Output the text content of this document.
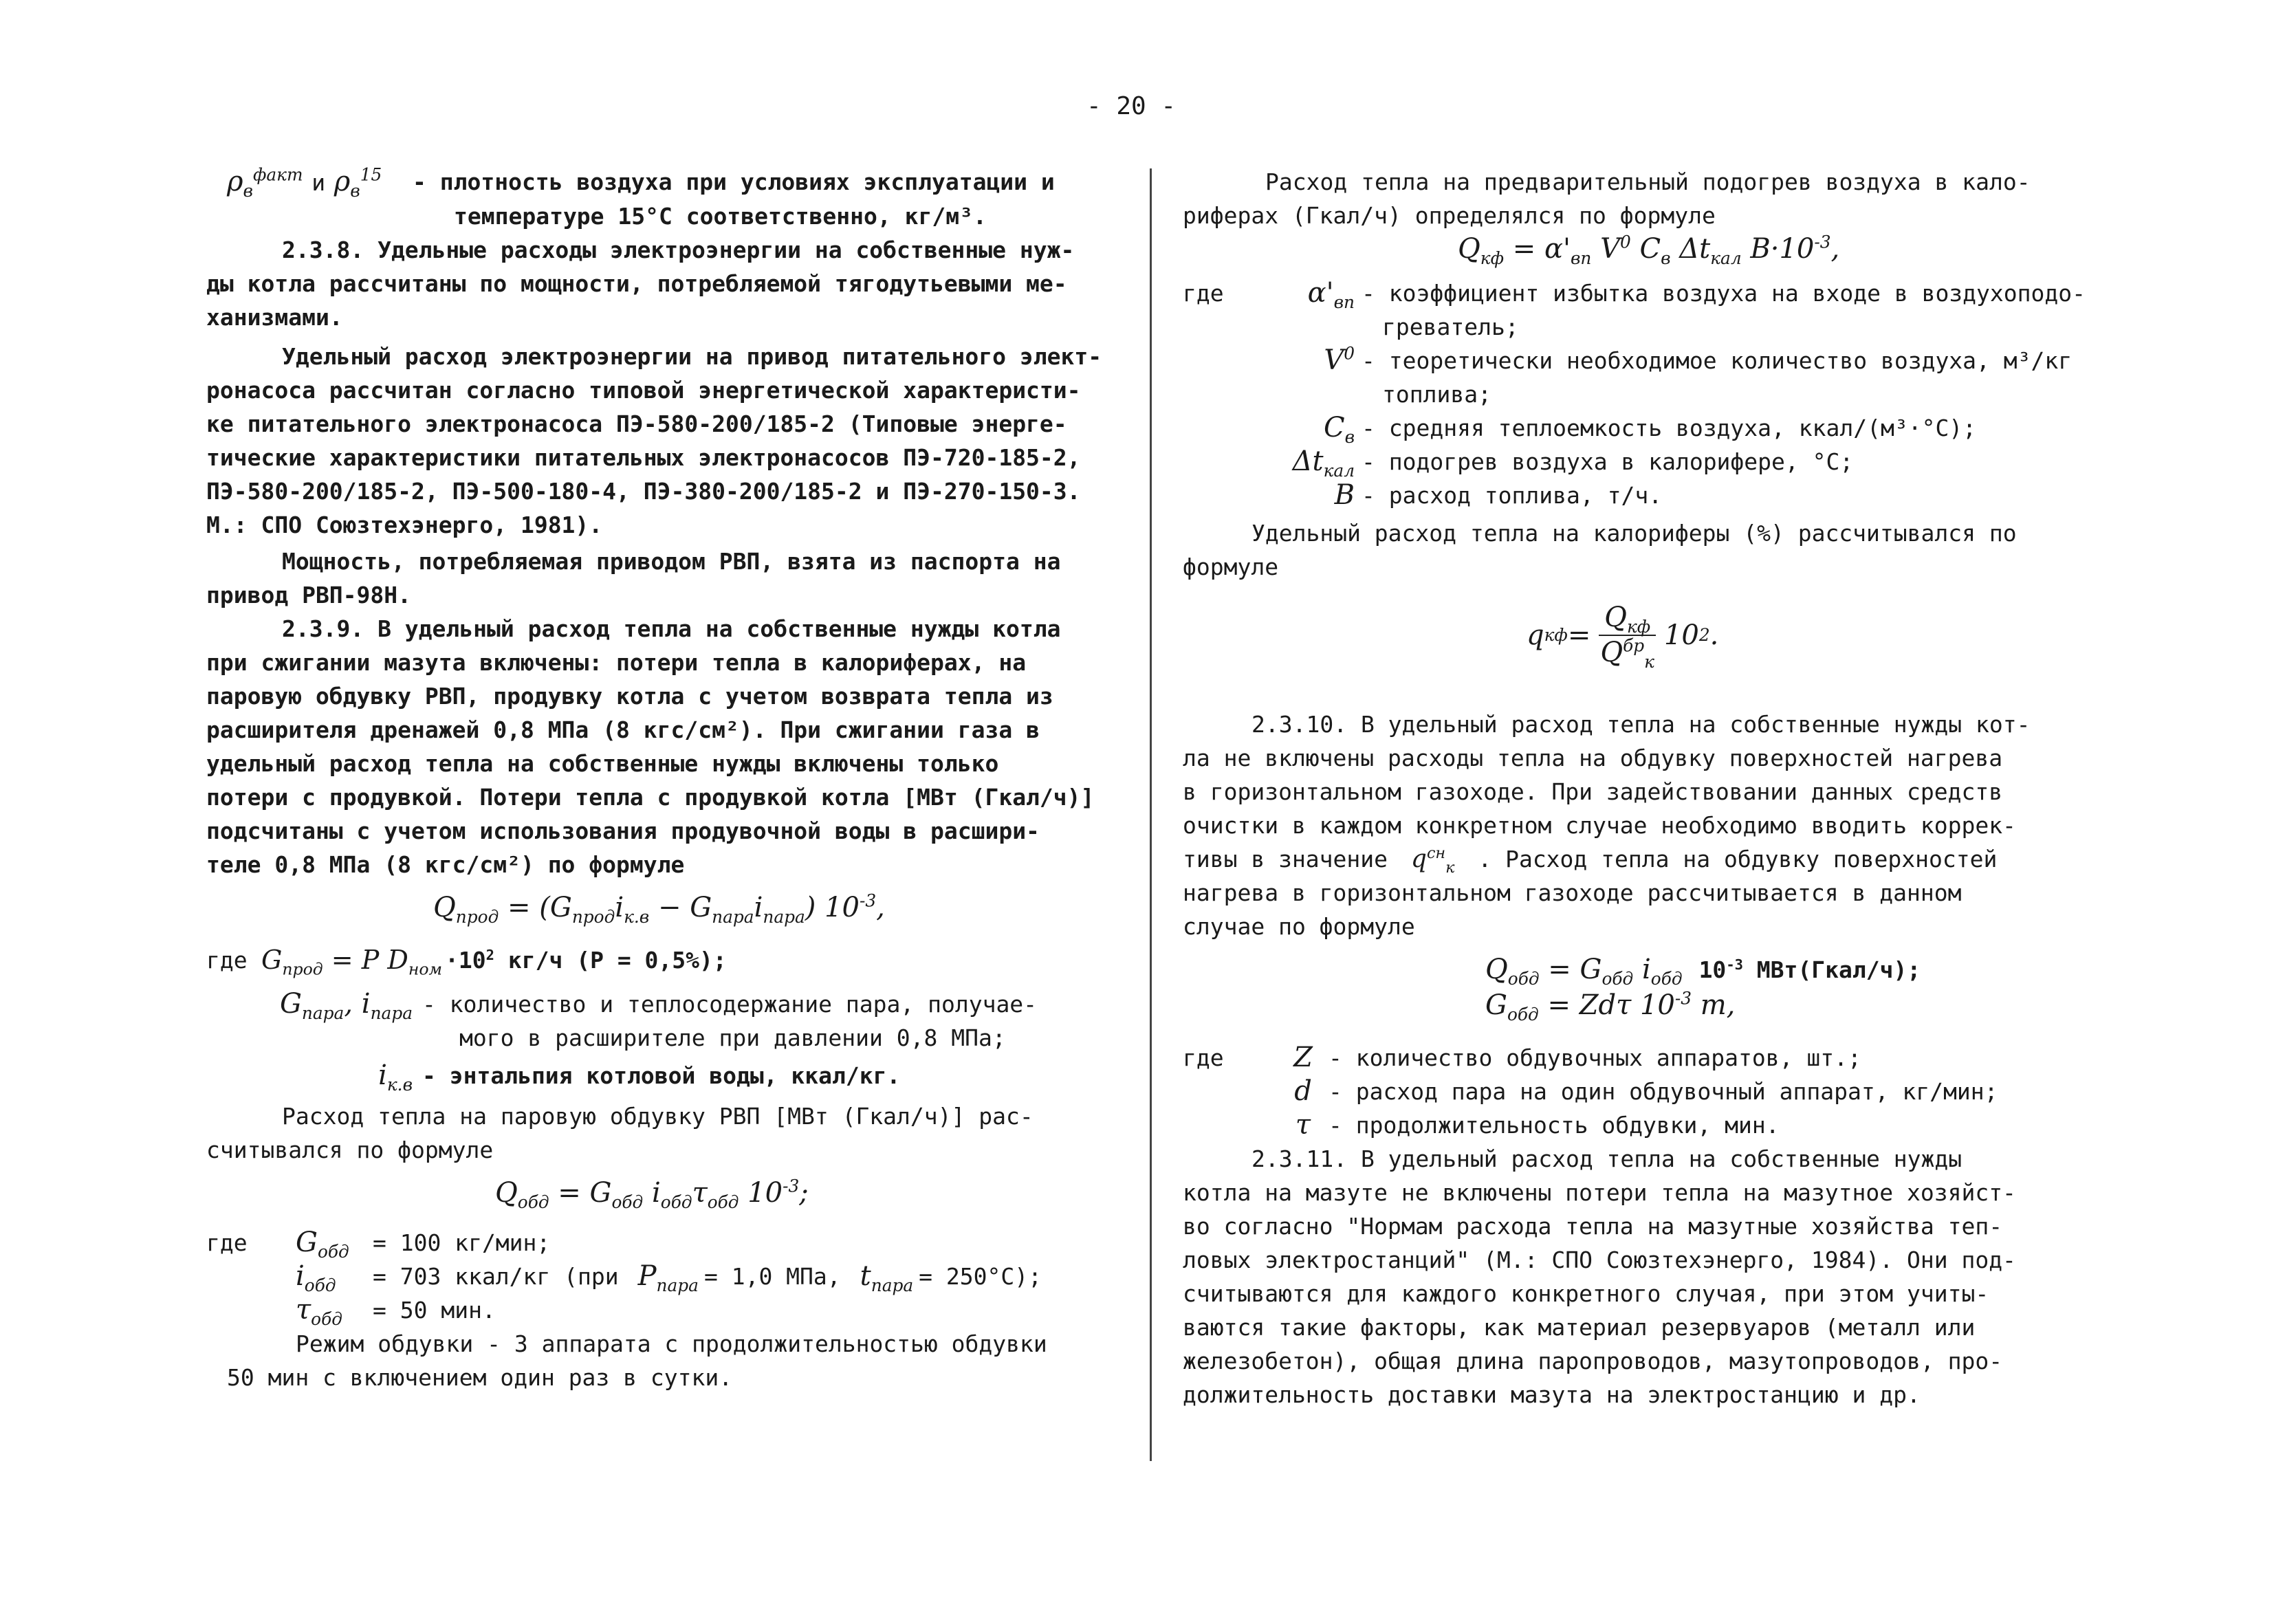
- 20 -
$\rho_в^{факт}$ и $\rho_в^{15}$	- плотность воздуха при условиях эксплуатации и

температуре 15°С соответственно, кг/м³.

2.3.8. Удельные расходы электроэнергии на собственные нуж-

ды котла рассчитаны по мощности, потребляемой тягодутьевыми ме-

ханизмами.

Удельный расход электроэнергии на привод питательного элект-

ронасоса рассчитан согласно типовой энергетической характеристи-

ке питательного электронасоса ПЭ-580-200/185-2 (Типовые энерге-

тические характеристики питательных электронасосов ПЭ-720-185-2,

ПЭ-580-200/185-2, ПЭ-500-180-4, ПЭ-380-200/185-2 и ПЭ-270-150-3.

М.: СПО Союзтехэнерго, 1981).

Мощность, потребляемая приводом РВП, взята из паспорта на

привод РВП-98Н.

2.3.9. В удельный расход тепла на собственные нужды котла

при сжигании мазута включены: потери тепла в калориферах, на

паровую обдувку РВП, продувку котла с учетом возврата тепла из

расширителя дренажей 0,8 МПа (8 кгс/см²). При сжигании газа в

удельный расход тепла на собственные нужды включены только

потери с продувкой. Потери тепла с продувкой котла [МВт (Гкал/ч)]

подсчитаны с учетом использования продувочной воды в расшири-

теле 0,8 МПа (8 кгс/см²) по формуле

$Q_{прод} = (G_{прод}i_{к.в} - G_{пара}i_{пара})$ $10^{-3}$,
где $G_{прод} = P$ $D_{ном} \cdot 10^2$ кг/ч (P = 0,5%);
$G_{пара}$, $i_{пара}$ - количество и теплосодержание пара, получае-

мого в расширителе при давлении 0,8 МПа;

$i_{к.в}$ - энтальпия котловой воды, ккал/кг.

Расход тепла на паровую обдувку РВП [МВт (Гкал/ч)] рас-

считывался по формуле

$Q_{обд} = G_{обд}$ $i_{обд}\tau_{обд}$ $10^{-3}$;
где	$G_{обд}$	= 100 кг/мин;
$i_{обд}$	= 703 ккал/кг (при $P_{пара} = 1,0$ МПа, $t_{пара} = 250^\circ С$);
$\tau_{обд}$	= 50 мин.

Режим обдувки - 3 аппарата с продолжительностью обдувки

50 мин с включением один раз в сутки.

Расход тепла на предварительный подогрев воздуха в кало-

риферах (Гкал/ч) определялся по формуле

$Q_{кф} = \alpha'_{вп}$ $V^0$ $C_в$ $\Delta t_{кал}$ $B\cdot 10^{-3}$,
где	$\alpha'_{вп}$ - коэффициент избытка воздуха на входе в воздухоподо-

греватель;

$V^0$ - теоретически необходимое количество воздуха, м³/кг

топлива;

$C_в$ - средняя теплоемкость воздуха, ккал/(м³·°С);
$\Delta t_{кал}$ - подогрев воздуха в калорифере, °С;
B - расход топлива, т/ч.

Удельный расход тепла на калориферы (%) рассчитывался по

формуле

q кф = $\frac{Q_{кф}}{Q^{бр}_к} 10$ 2 .

2.3.10. В удельный расход тепла на собственные нужды кот-

ла не включены расходы тепла на обдувку поверхностей нагрева

в горизонтальном газоходе. При задействовании данных средств

очистки в каждом конкретном случае необходимо вводить коррек-

тивы в значение $q^{сн}_к$ . Расход тепла на обдувку поверхностей

нагрева в горизонтальном газоходе рассчитывается в данном

случае по формуле

$Q_{обд} = G_{обд}$ $i_{обд}$ $10^{-3}$ МВт(Гкал/ч);
$G_{обд} = Zd\tau$ $10^{-3}$ т,
где	Z - количество обдувочных аппаратов, шт.;
d - расход пара на один обдувочный аппарат, кг/мин;
τ - продолжительность обдувки, мин.

2.3.11. В удельный расход тепла на собственные нужды

котла на мазуте не включены потери тепла на мазутное хозяйст-

во согласно "Нормам расхода тепла на мазутные хозяйства теп-

ловых электростанций" (М.: СПО Союзтехэнерго, 1984). Они под-

считываются для каждого конкретного случая, при этом учиты-

ваются такие факторы, как материал резервуаров (металл или

железобетон), общая длина паропроводов, мазутопроводов, про-

должительность доставки мазута на электростанцию и др.
